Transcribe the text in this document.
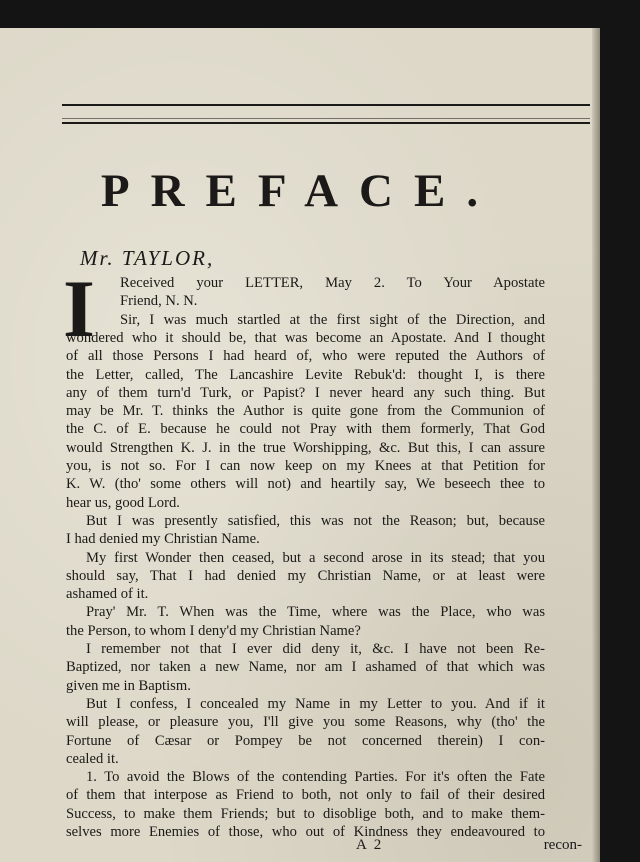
PREFACE.

Mr. TAYLOR,

I Received your LETTER, May 2. To Your Apostate

Friend, N. N.

Sir, I was much startled at the first sight of the Direction, and

wondered who it should be, that was become an Apostate. And I thought

of all those Persons I had heard of, who were reputed the Authors of

the Letter, called, The Lancashire Levite Rebuk'd: thought I, is there

any of them turn'd Turk, or Papist? I never heard any such thing. But

may be Mr. T. thinks the Author is quite gone from the Communion of

the C. of E. because he could not Pray with them formerly, That God

would Strengthen K. J. in the true Worshipping, &c. But this, I can assure

you, is not so. For I can now keep on my Knees at that Petition for

K. W. (tho' some others will not) and heartily say, We beseech thee to

hear us, good Lord.

But I was presently satisfied, this was not the Reason; but, because

I had denied my Christian Name.

My first Wonder then ceased, but a second arose in its stead; that you

should say, That I had denied my Christian Name, or at least were

ashamed of it.

Pray' Mr. T. When was the Time, where was the Place, who was

the Person, to whom I deny'd my Christian Name?

I remember not that I ever did deny it, &c. I have not been Re-

Baptized, nor taken a new Name, nor am I ashamed of that which was

given me in Baptism.

But I confess, I concealed my Name in my Letter to you. And if it

will please, or pleasure you, I'll give you some Reasons, why (tho' the

Fortune of Cæsar or Pompey be not concerned therein) I con-

cealed it.

1. To avoid the Blows of the contending Parties. For it's often the Fate

of them that interpose as Friend to both, not only to fail of their desired

Success, to make them Friends; but to disoblige both, and to make them-

selves more Enemies of those, who out of Kindness they endeavoured to

A 2	recon-
